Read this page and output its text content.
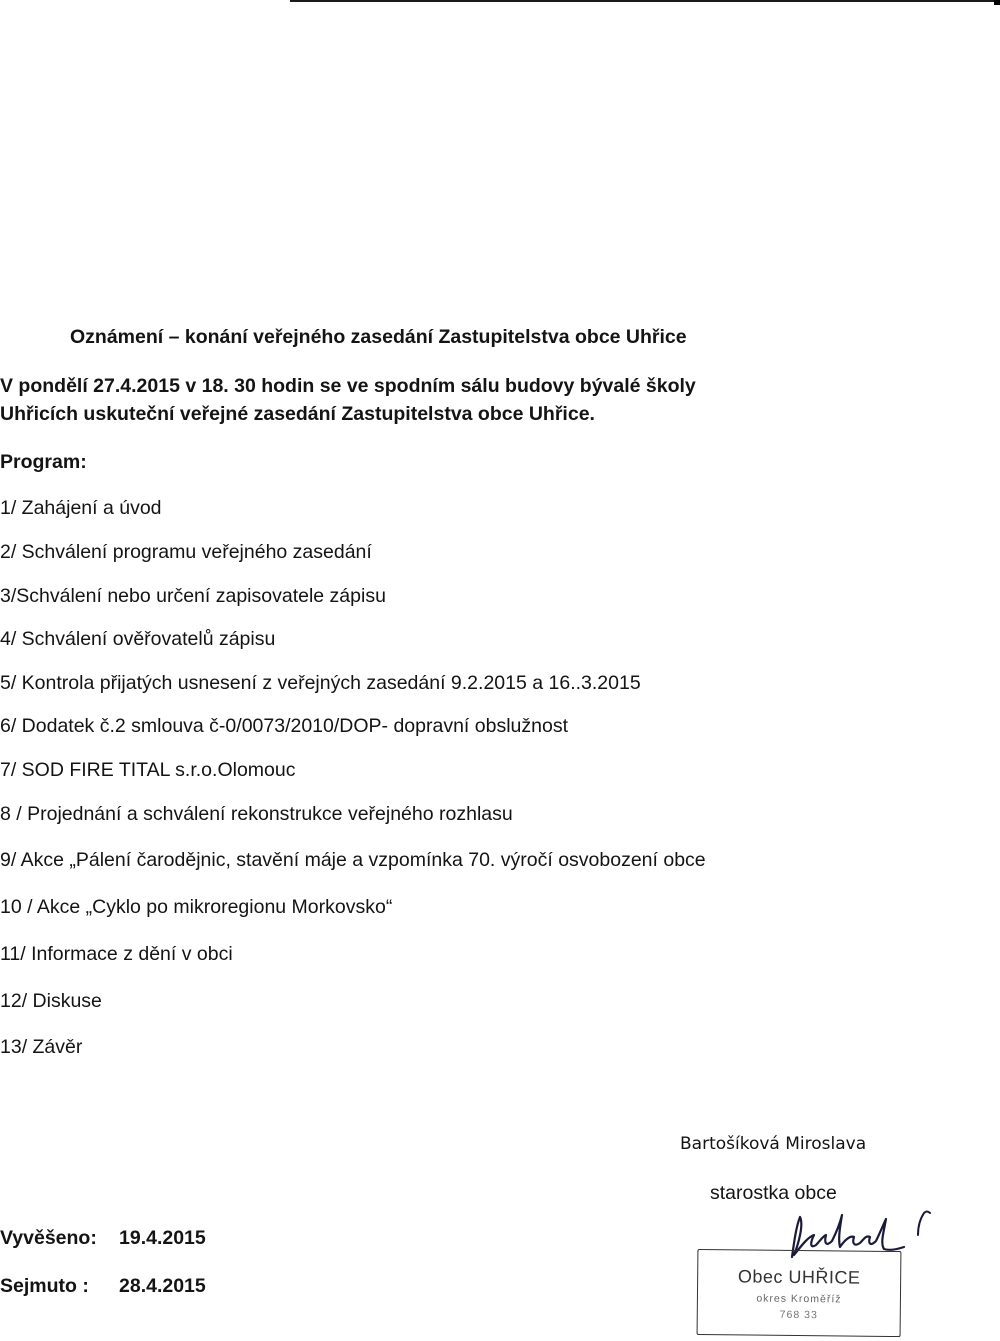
Oznámení – konání veřejného zasedání Zastupitelstva obce Uhřice
V pondělí 27.4.2015 v 18. 30 hodin se ve spodním sálu budovy bývalé školy
Uhřicích uskuteční veřejné zasedání Zastupitelstva obce Uhřice.
Program:
1/ Zahájení a úvod
2/ Schválení programu veřejného zasedání
3/Schválení nebo určení zapisovatele zápisu
4/ Schválení ověřovatelů zápisu
5/ Kontrola přijatých usnesení z veřejných zasedání 9.2.2015 a 16..3.2015
6/ Dodatek č.2 smlouva č-0/0073/2010/DOP- dopravní obslužnost
7/ SOD FIRE TITAL s.r.o.Olomouc
8 / Projednání a schválení rekonstrukce veřejného rozhlasu
9/ Akce „Pálení čarodějnic, stavění máje a vzpomínka 70. výročí osvobození obce
10 / Akce „Cyklo po mikroregionu Morkovsko“
11/ Informace z dění v obci
12/ Diskuse
13/ Závěr
Bartošíková Miroslava
starostka obce
Vyvěšeno: 19.4.2015
Sejmuto : 28.4.2015	Obec UHŘICE
okres Kroměříž
768 33
